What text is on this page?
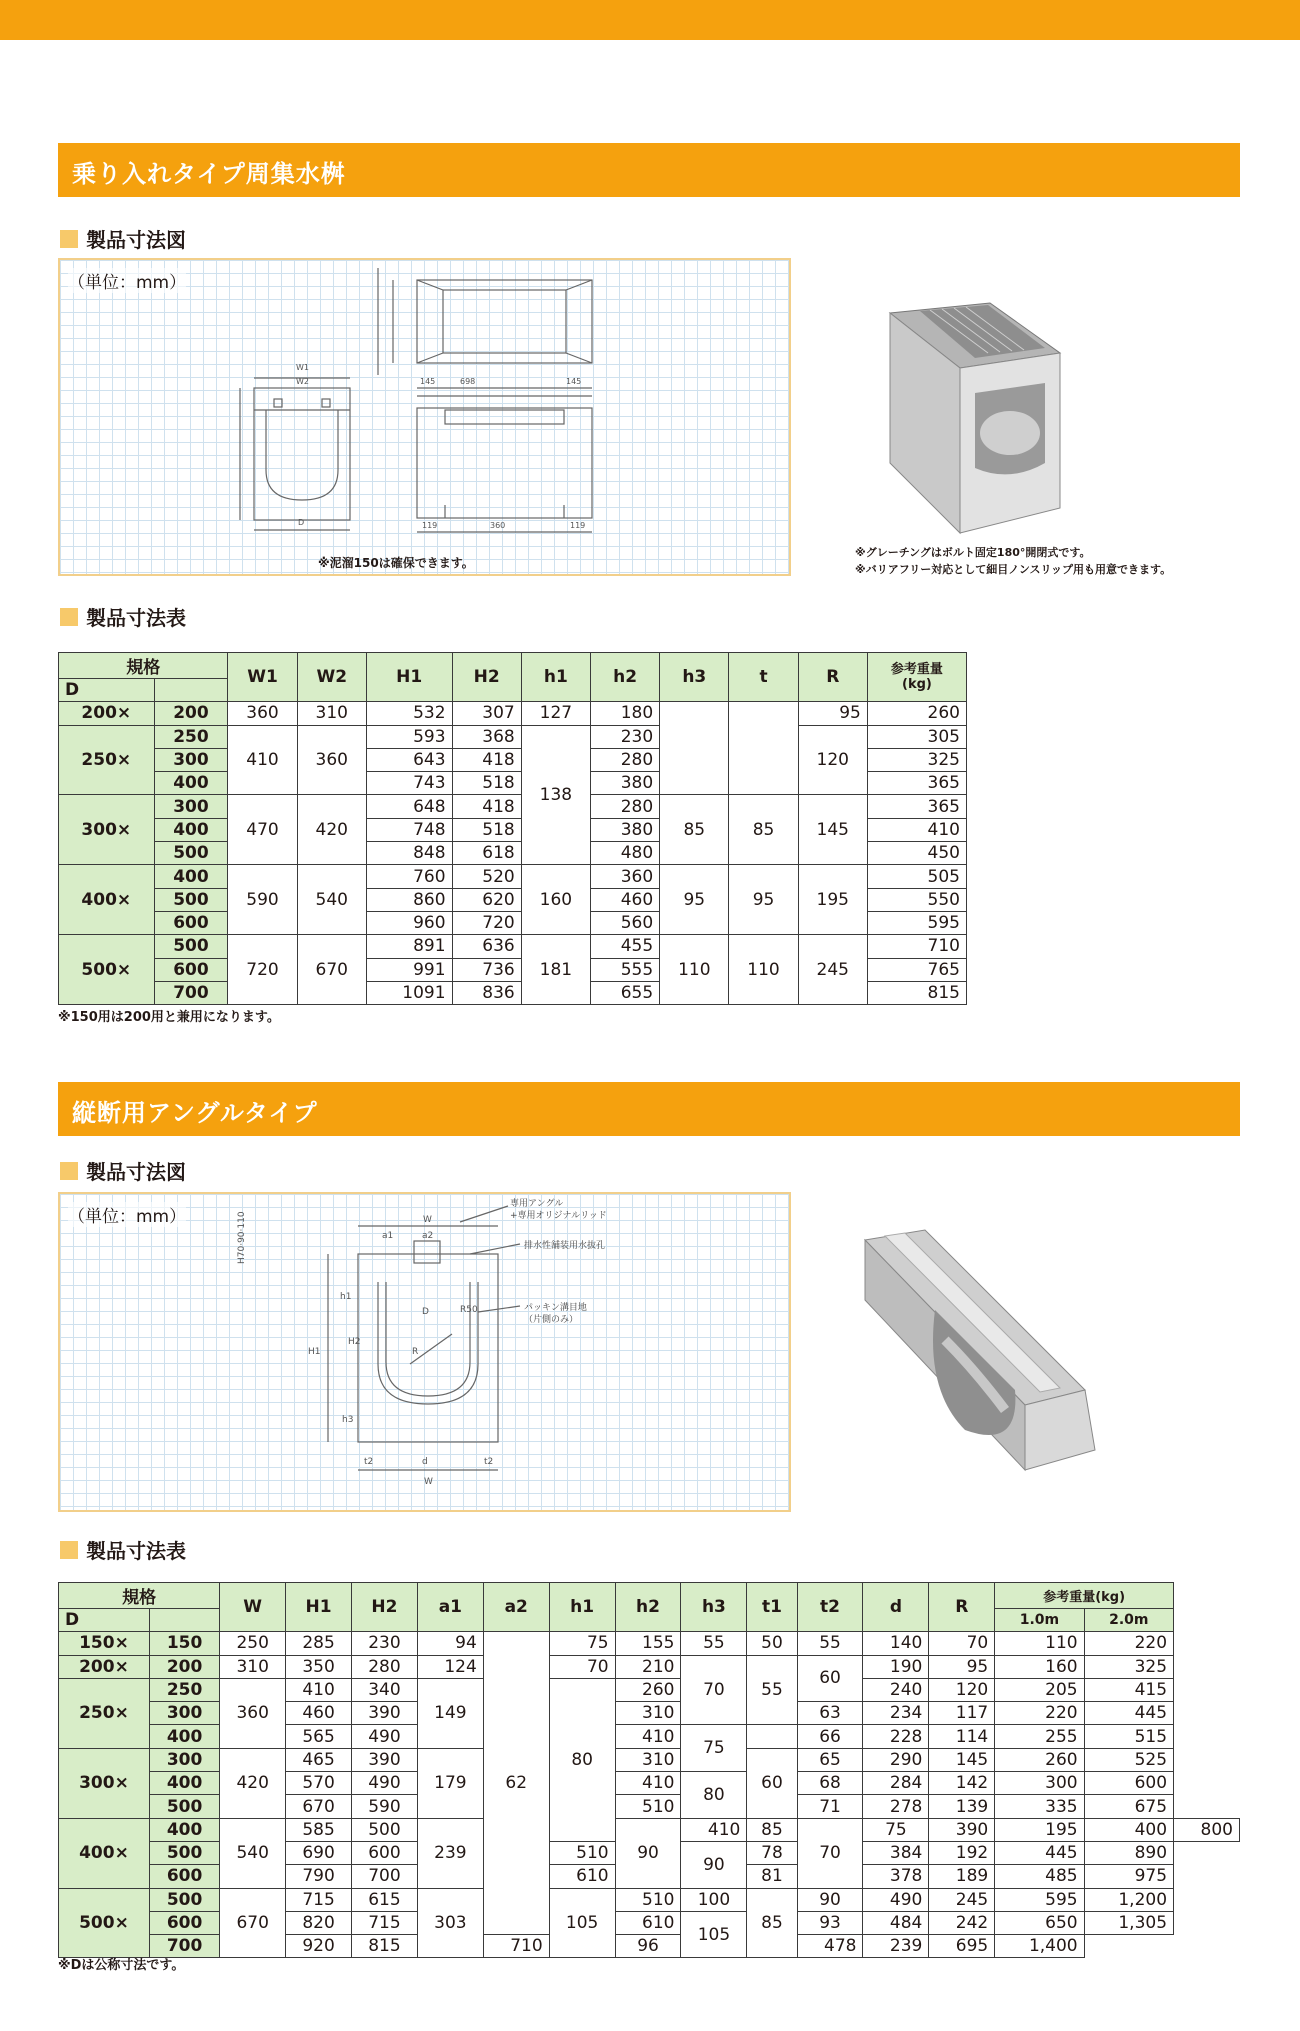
乗り入れタイプ周集水桝
製品寸法図
（単位：mm）
698
145	145
360
119	119
W1
W2
D
※泥溜150は確保できます。
※グレーチングはボルト固定180°開閉式です。
※バリアフリー対応として細目ノンスリップ用も用意できます。
製品寸法表
規格		W1	W2	H1	H2	h1	h2	h3	t	R	参考重量
(kg)
D											
200×	200	360	310	532	307	127	180			95	260
250×	250	410	360	593	368	138	230			120	305
	300			643	418		280				325
	400			743	518		380				365
300×	300	470	420	648	418		280	85	85	145	365
	400			748	518		380				410
	500			848	618		480				450
400×	400	590	540	760	520	160	360	95	95	195	505
	500			860	620		460				550
	600			960	720		560				595
500×	500	720	670	891	636	181	455	110	110	245	710
	600			991	736		555				765
	700			1091	836		655				815
※150用は200用と兼用になります。
縦断用アングルタイプ
製品寸法図
（単位：mm）	W
a1	a2
H1
h1
H2
D
R
R50
d
t2	t2
W
h3
専用アングル
+専用オリジナルリッド
排水性舗装用水抜孔
パッキン溝目地
（片側のみ）
H70·90·110
製品寸法表
規格		W	H1	H2	a1	a2	h1	h2	h3	t1	t2	d	R	参考重量(kg)		
D														1.0m	2.0m	
150×	150	250	285	230	94	62	75	155	55	50	55	140	70	110	220	
200×	200	310	350	280	124		70	210	70	55	60	190	95	160	325	
250×	250	360	410	340	149		80	260				240	120	205	415	
	300		460	390				310			63	234	117	220	445	
	400		565	490				410	75		66	228	114	255	515	
300×	300	420	465	390	179			310		60	65	290	145	260	525	
	400		570	490				410	80		68	284	142	300	600	
	500		670	590				510			71	278	139	335	675	
400×	400	540	585	500	239			90	410	85	70	75	390	195	400	800
	500		690	600			510		90	78		384	192	445	890	
	600		790	700			610			81		378	189	485	975	
500×	500	670	715	615	303		105	510	100	85	90	490	245	595	1,200	
	600		820	715				610	105		93	484	242	650	1,305	
	700		920	815		710		96			478	239	695	1,400		
※Dは公称寸法です。
